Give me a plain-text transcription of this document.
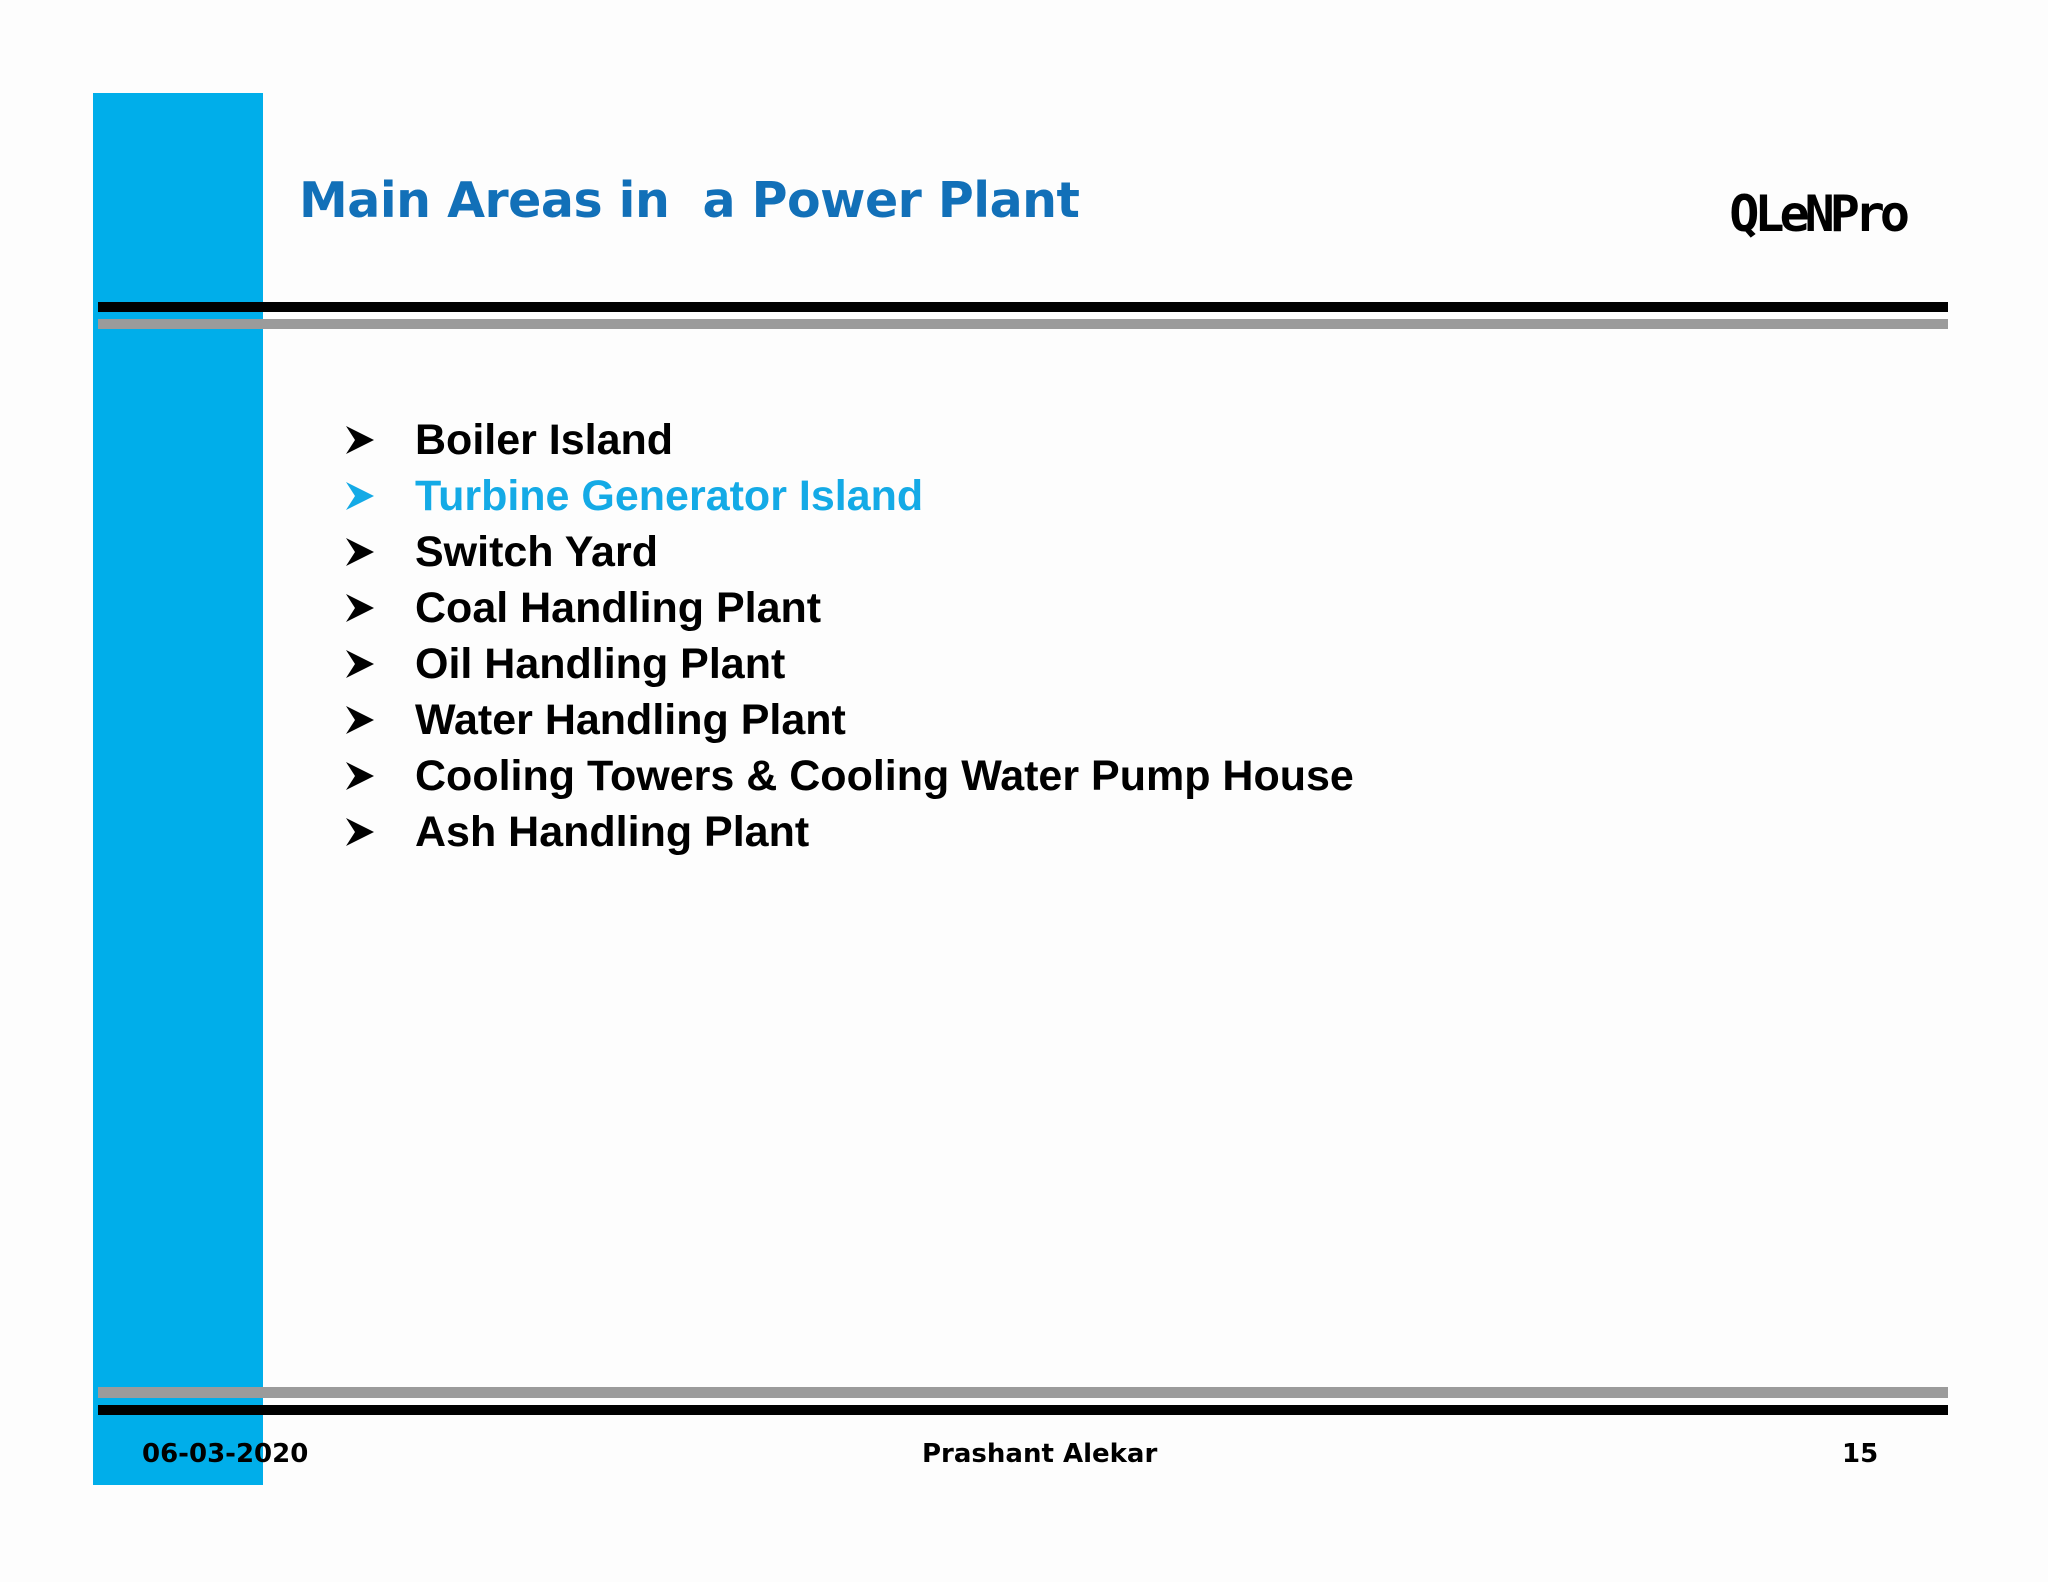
Main Areas in  a Power Plant	QLeNPro
Boiler Island
Turbine Generator Island
Switch Yard
Coal Handling Plant
Oil Handling Plant
Water Handling Plant
Cooling Towers & Cooling Water Pump House
Ash Handling Plant
06-03-2020	Prashant Alekar	15
